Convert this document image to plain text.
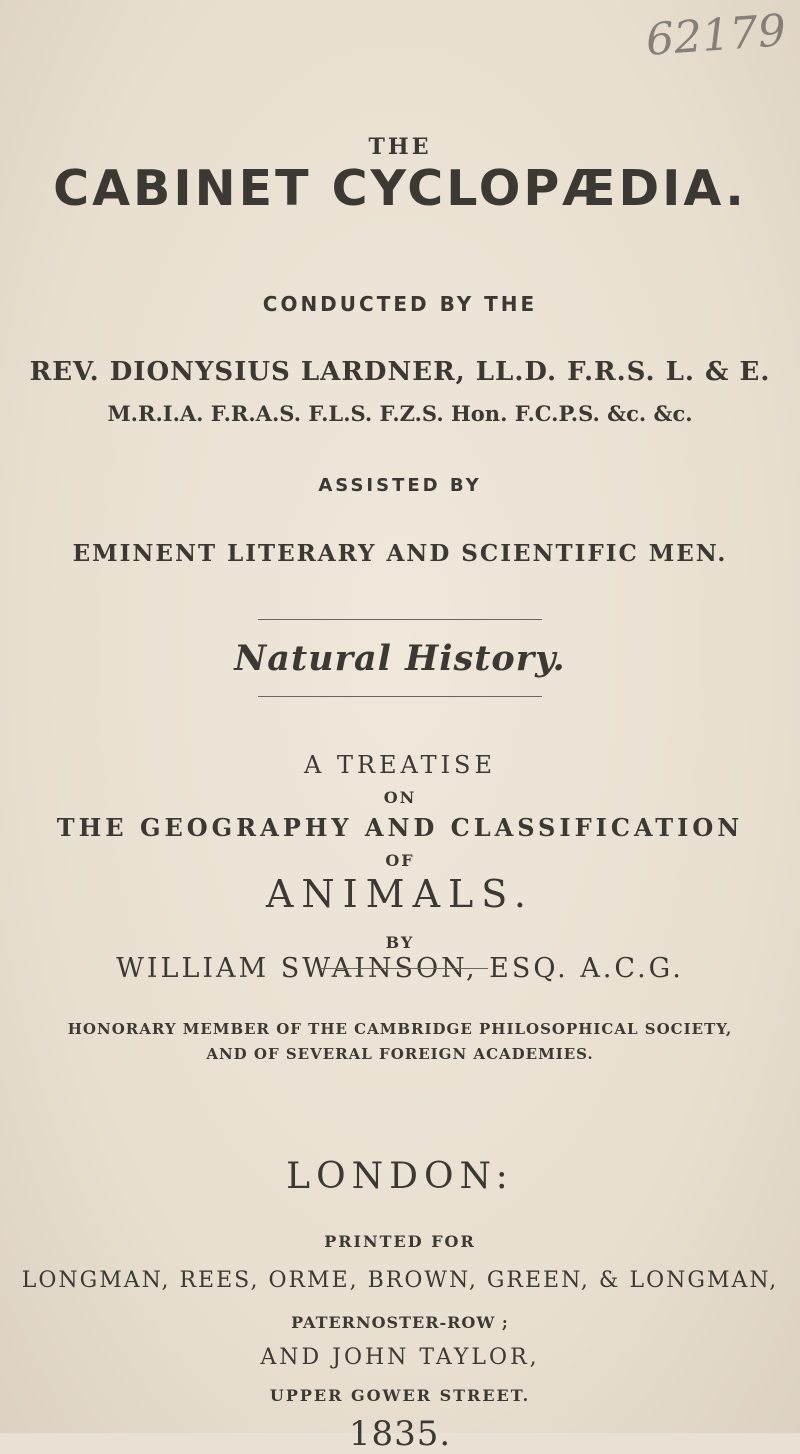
62179
THE
CABINET CYCLOPÆDIA.
CONDUCTED BY THE
REV. DIONYSIUS LARDNER, LL.D. F.R.S. L. & E.
M.R.I.A. F.R.A.S. F.L.S. F.Z.S. Hon. F.C.P.S. &c. &c.
ASSISTED BY
EMINENT LITERARY AND SCIENTIFIC MEN.
Natural History.
A TREATISE
ON
THE GEOGRAPHY AND CLASSIFICATION
OF
ANIMALS.
BY
WILLIAM SWAINSON, ESQ. A.C.G.
HONORARY MEMBER OF THE CAMBRIDGE PHILOSOPHICAL SOCIETY,
AND OF SEVERAL FOREIGN ACADEMIES.
LONDON:
PRINTED FOR
LONGMAN, REES, ORME, BROWN, GREEN, & LONGMAN,
PATERNOSTER-ROW ;
AND JOHN TAYLOR,
UPPER GOWER STREET.
1835.
